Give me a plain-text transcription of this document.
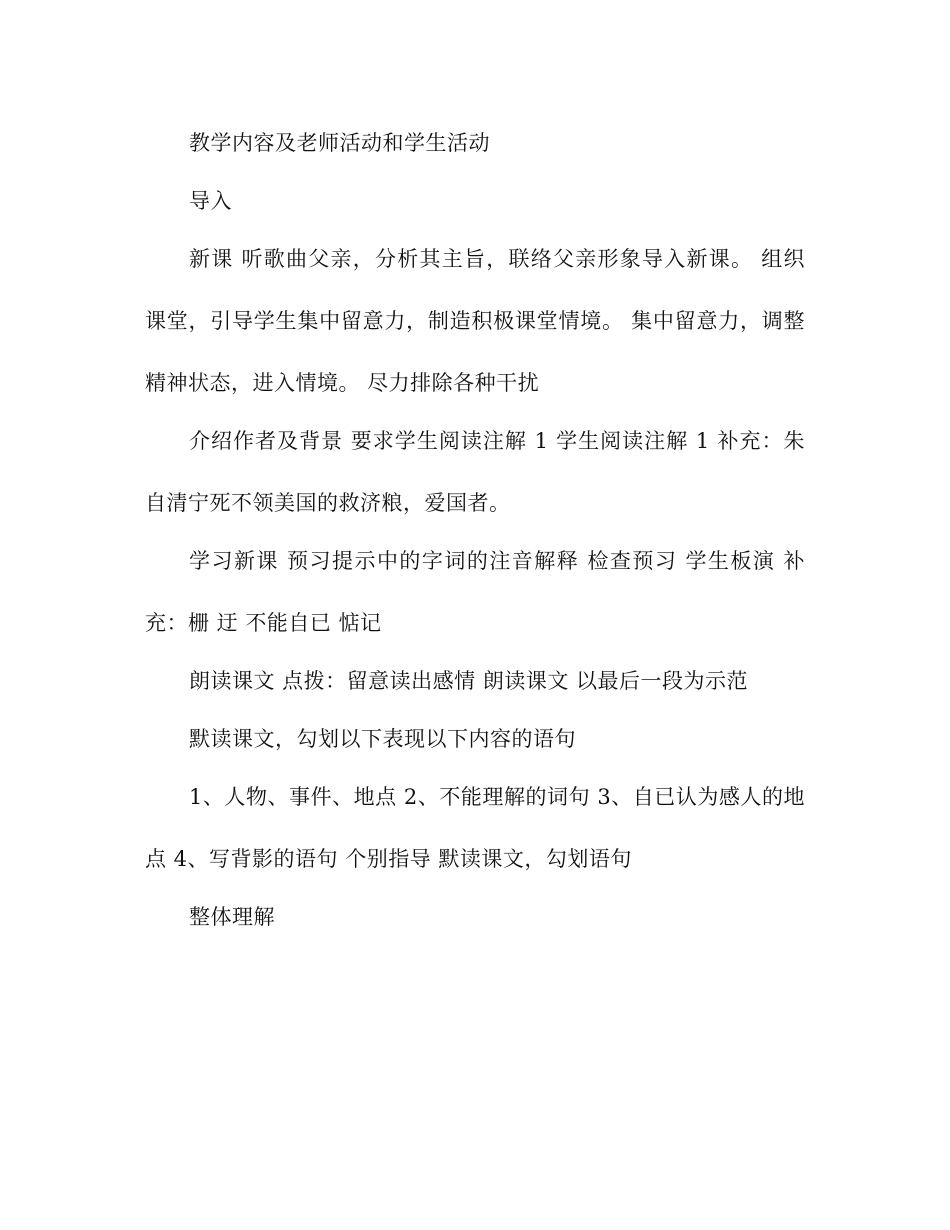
教学内容及老师活动和学生活动

导入

新课 听歌曲父亲，分析其主旨，联络父亲形象导入新课。 组织课堂，引导学生集中留意力，制造积极课堂情境。 集中留意力，调整精神状态，进入情境。 尽力排除各种干扰

介绍作者及背景 要求学生阅读注解 1 学生阅读注解 1 补充：朱自清宁死不领美国的救济粮，爱国者。

学习新课 预习提示中的字词的注音解释 检查预习 学生板演 补充：栅 迂 不能自已 惦记

朗读课文 点拨：留意读出感情 朗读课文 以最后一段为示范

默读课文，勾划以下表现以下内容的语句

1、人物、事件、地点 2、不能理解的词句 3、自已认为感人的地点 4、写背影的语句 个别指导 默读课文，勾划语句

整体理解
